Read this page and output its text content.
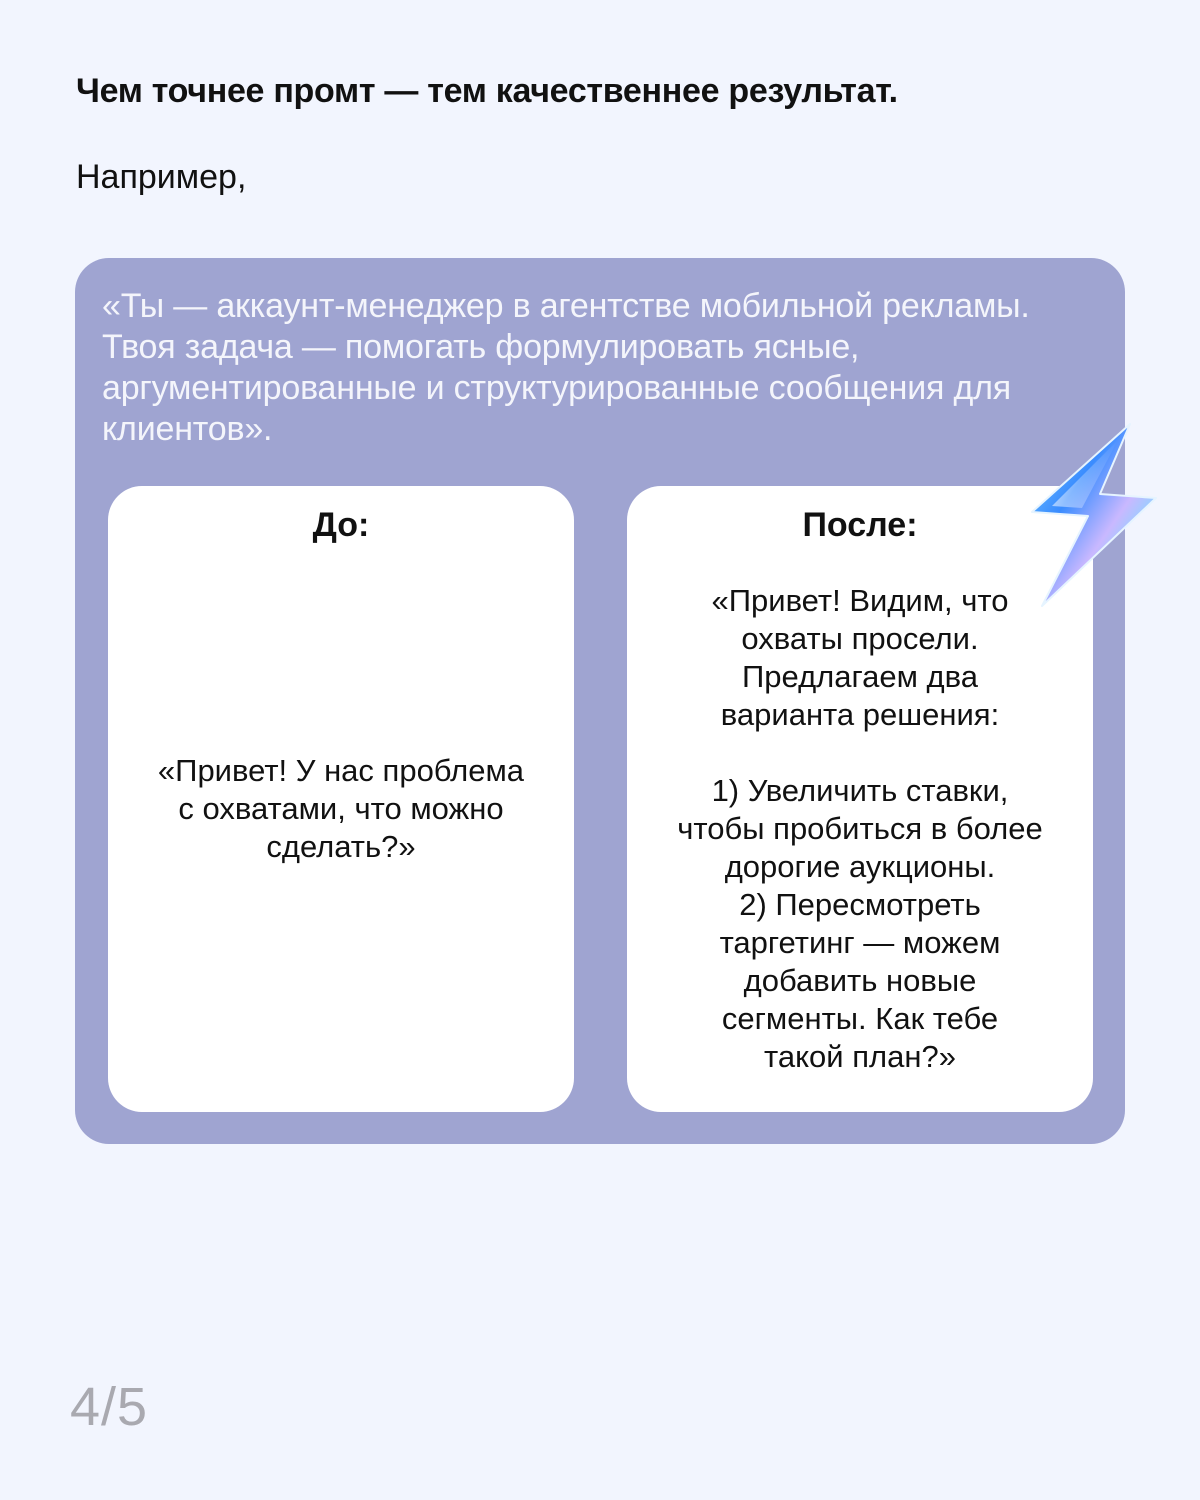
Чем точнее промт — тем качественнее результат.

Например,

«Ты — аккаунт-менеджер в агентстве мобильной рекламы. Твоя задача — помогать формулировать ясные, аргументированные и структурированные сообщения для клиентов».

До:

«Привет! У нас проблема
с охватами, что можно
сделать?»

После:

«Привет! Видим, что
охваты просели.
Предлагаем два
варианта решения:

1) Увеличить ставки,
чтобы пробиться в более
дорогие аукционы.
2) Пересмотреть
таргетинг — можем
добавить новые
сегменты. Как тебе
такой план?»

4/5
